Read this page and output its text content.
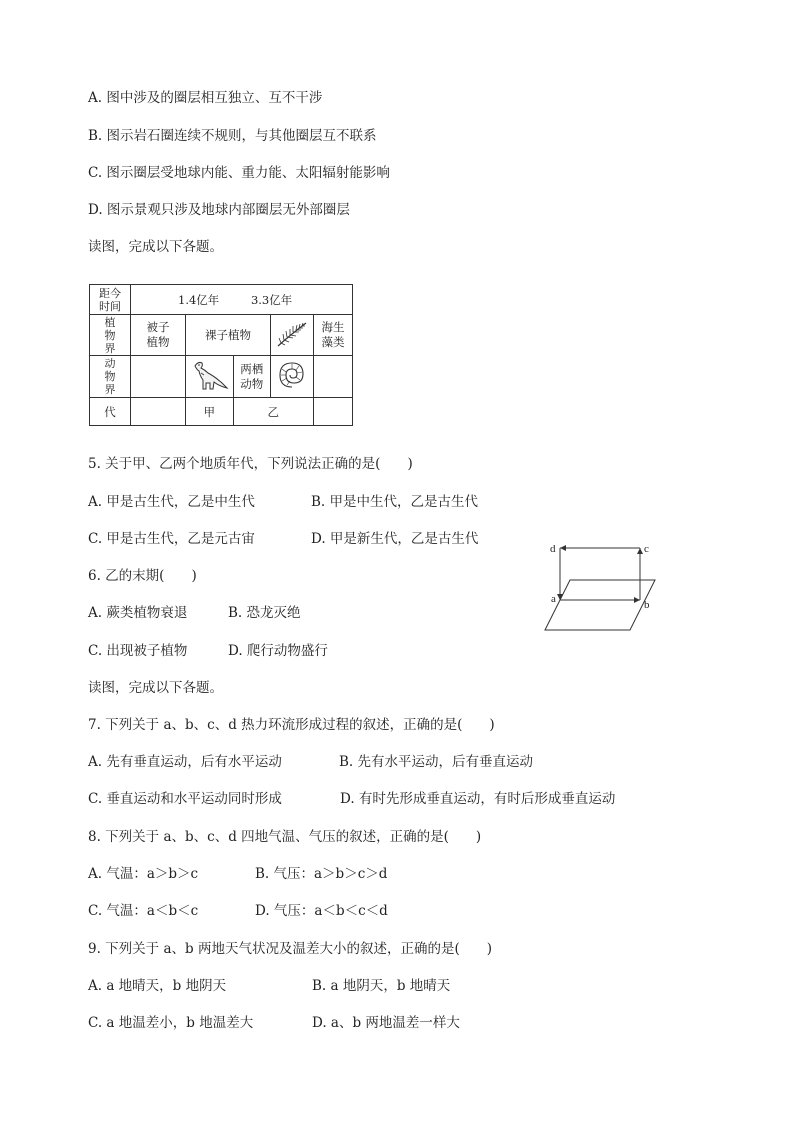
A. 图中涉及的圈层相互独立、互不干涉
B. 图示岩石圈连续不规则，与其他圈层互不联系
C. 图示圈层受地球内能、重力能、太阳辐射能影响
D. 图示景观只涉及地球内部圈层无外部圈层
读图，完成以下各题。
距今时间	1.4亿年 3.3亿年				

植物界	被子植物	裸子植物			海生藻类

动物界			两栖动物

代		甲	乙		
5. 关于甲、乙两个地质年代，下列说法正确的是(　　)
A. 甲是古生代，乙是中生代	B. 甲是中生代，乙是古生代
C. 甲是古生代，乙是元古宙	D. 甲是新生代，乙是古生代
a	b
c
d
6. 乙的末期(　　)
A. 蕨类植物衰退	B. 恐龙灭绝
C. 出现被子植物	D. 爬行动物盛行
读图，完成以下各题。
7. 下列关于 a、b、c、d 热力环流形成过程的叙述，正确的是(　　)
A. 先有垂直运动，后有水平运动	B. 先有水平运动，后有垂直运动
C. 垂直运动和水平运动同时形成	D. 有时先形成垂直运动，有时后形成垂直运动
8. 下列关于 a、b、c、d 四地气温、气压的叙述，正确的是(　　)
A. 气温：a＞b＞c	B. 气压：a＞b＞c＞d
C. 气温：a＜b＜c	D. 气压：a＜b＜c＜d
9. 下列关于 a、b 两地天气状况及温差大小的叙述，正确的是(　　)
A. a 地晴天，b 地阴天	B. a 地阴天，b 地晴天
C. a 地温差小，b 地温差大	D. a、b 两地温差一样大
